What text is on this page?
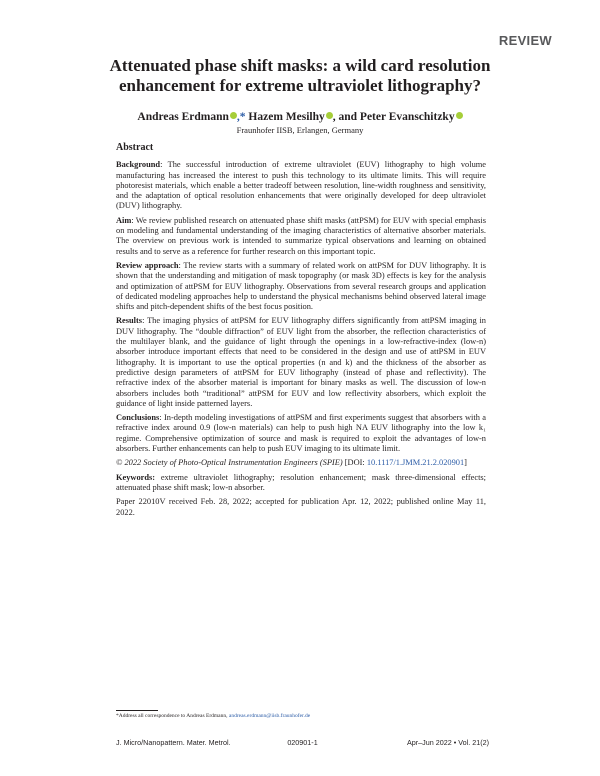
REVIEW
Attenuated phase shift masks: a wild card resolution enhancement for extreme ultraviolet lithography?
Andreas Erdmann ,* Hazem Mesilhy , and Peter Evanschitzky
Fraunhofer IISB, Erlangen, Germany
Abstract

Background: The successful introduction of extreme ultraviolet (EUV) lithography to high volume manufacturing has increased the interest to push this technology to its ultimate limits. This will require photoresist materials, which enable a better tradeoff between resolution, line-width roughness and sensitivity, and the adaptation of optical resolution enhancements that were originally developed for deep ultraviolet (DUV) lithography.

Aim: We review published research on attenuated phase shift masks (attPSM) for EUV with special emphasis on modeling and fundamental understanding of the imaging characteristics of alternative absorber materials. The overview on previous work is intended to summarize typical observations and learning on obtained results and to serve as a reference for further research on this important topic.

Review approach: The review starts with a summary of related work on attPSM for DUV lithography. It is shown that the understanding and mitigation of mask topography (or mask 3D) effects is key for the analysis and optimization of attPSM for EUV lithography. Observations from several research groups and application of dedicated modeling approaches help to understand the physical mechanisms behind observed lateral image shifts and pitch-dependent shifts of the best focus position.

Results: The imaging physics of attPSM for EUV lithography differs significantly from attPSM imaging in DUV lithography. The “double diffraction” of EUV light from the absorber, the reflection characteristics of the multilayer blank, and the guidance of light through the openings in a low-refractive-index (low-n) absorber introduce important effects that need to be considered in the design and use of attPSM in EUV lithography. It is important to use the optical properties (n and k) and the thickness of the absorber as predictive design parameters of attPSM for EUV lithography (instead of phase and reflectivity). The refractive index of the absorber material is important for binary masks as well. The discussion of low-n absorbers includes both “traditional” attPSM for EUV and low reflectivity absorbers, which exploit the guidance of light inside patterned layers.

Conclusions: In-depth modeling investigations of attPSM and first experiments suggest that absorbers with a refractive index around 0.9 (low-n materials) can help to push high NA EUV lithography into the low k₁ regime. Comprehensive optimization of source and mask is required to exploit the advantages of low-n absorbers. Further enhancements can help to push EUV imaging to its ultimate limit.

© 2022 Society of Photo-Optical Instrumentation Engineers (SPIE) [DOI: 10.1117/1.JMM.21.2.020901]

Keywords: extreme ultraviolet lithography; resolution enhancement; mask three-dimensional effects; attenuated phase shift mask; low-n absorber.

Paper 22010V received Feb. 28, 2022; accepted for publication Apr. 12, 2022; published online May 11, 2022.

*Address all correspondence to Andreas Erdmann, andreas.erdmann@iisb.fraunhofer.de
J. Micro/Nanopattern. Mater. Metrol.	020901-1	Apr–Jun 2022 • Vol. 21(2)
